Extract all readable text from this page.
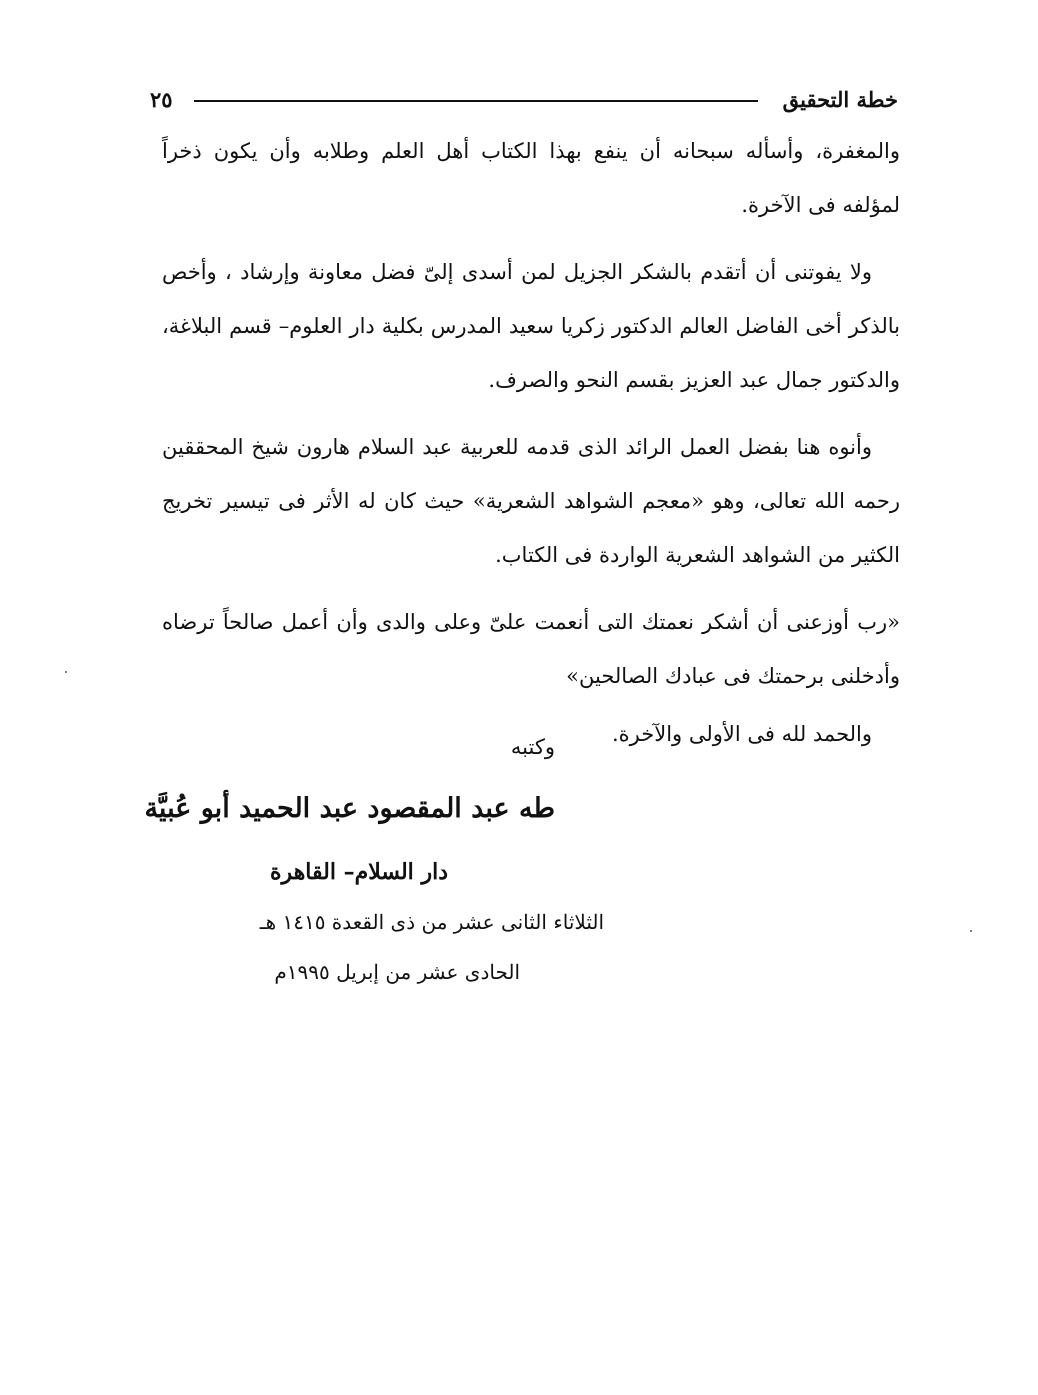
خطة التحقيق
٢٥

والمغفرة، وأسأله سبحانه أن ينفع بهذا الكتاب أهل العلم وطلابه وأن يكون ذخراً لمؤلفه فى الآخرة.

ولا يفوتنى أن أتقدم بالشكر الجزيل لمن أسدى إلىّ فضل معاونة وإرشاد ، وأخص بالذكر أخى الفاضل العالم الدكتور زكريا سعيد المدرس بكلية دار العلوم– قسم البلاغة، والدكتور جمال عبد العزيز بقسم النحو والصرف.

وأنوه هنا بفضل العمل الرائد الذى قدمه للعربية عبد السلام هارون شيخ المحققين رحمه الله تعالى، وهو «معجم الشواهد الشعرية» حيث كان له الأثر فى تيسير تخريج الكثير من الشواهد الشعرية الواردة فى الكتاب.

«رب أوزعنى أن أشكر نعمتك التى أنعمت علىّ وعلى والدى وأن أعمل صالحاً ترضاه وأدخلنى برحمتك فى عبادك الصالحين»

والحمد لله فى الأولى والآخرة.

وكتبه
طه عبد المقصود عبد الحميد أبو عُبيَّة
دار السلام– القاهرة
الثلاثاء الثانى عشر من ذى القعدة ١٤١٥ هـ
الحادى عشر من إبريل ١٩٩٥م
